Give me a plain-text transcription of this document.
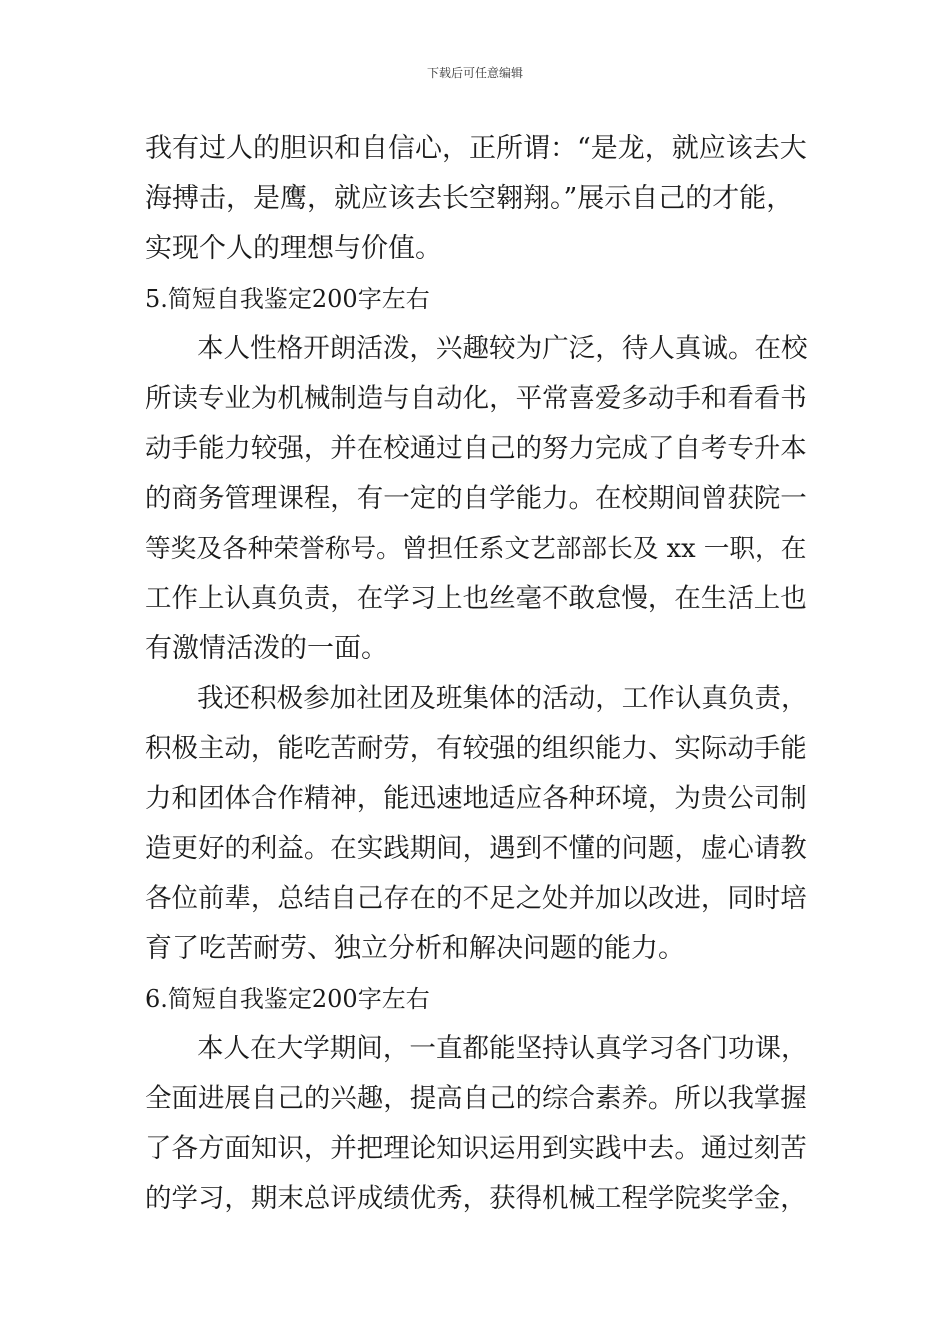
下载后可任意编辑
我有过人的胆识和自信心，正所谓：“是龙，就应该去大
海搏击，是鹰，就应该去长空翱翔。”展示自己的才能，
实现个人的理想与价值。
5.简短自我鉴定200字左右
本人性格开朗活泼，兴趣较为广泛，待人真诚。在校
所读专业为机械制造与自动化，平常喜爱多动手和看看书
动手能力较强，并在校通过自己的努力完成了自考专升本
的商务管理课程，有一定的自学能力。在校期间曾获院一
等奖及各种荣誉称号。曾担任系文艺部部长及 xx 一职，在
工作上认真负责，在学习上也丝毫不敢怠慢，在生活上也
有激情活泼的一面。
我还积极参加社团及班集体的活动，工作认真负责，
积极主动，能吃苦耐劳，有较强的组织能力、实际动手能
力和团体合作精神，能迅速地适应各种环境，为贵公司制
造更好的利益。在实践期间，遇到不懂的问题，虚心请教
各位前辈，总结自己存在的不足之处并加以改进，同时培
育了吃苦耐劳、独立分析和解决问题的能力。
6.简短自我鉴定200字左右
本人在大学期间，一直都能坚持认真学习各门功课，
全面进展自己的兴趣，提高自己的综合素养。所以我掌握
了各方面知识，并把理论知识运用到实践中去。通过刻苦
的学习，期末总评成绩优秀，获得机械工程学院奖学金，
